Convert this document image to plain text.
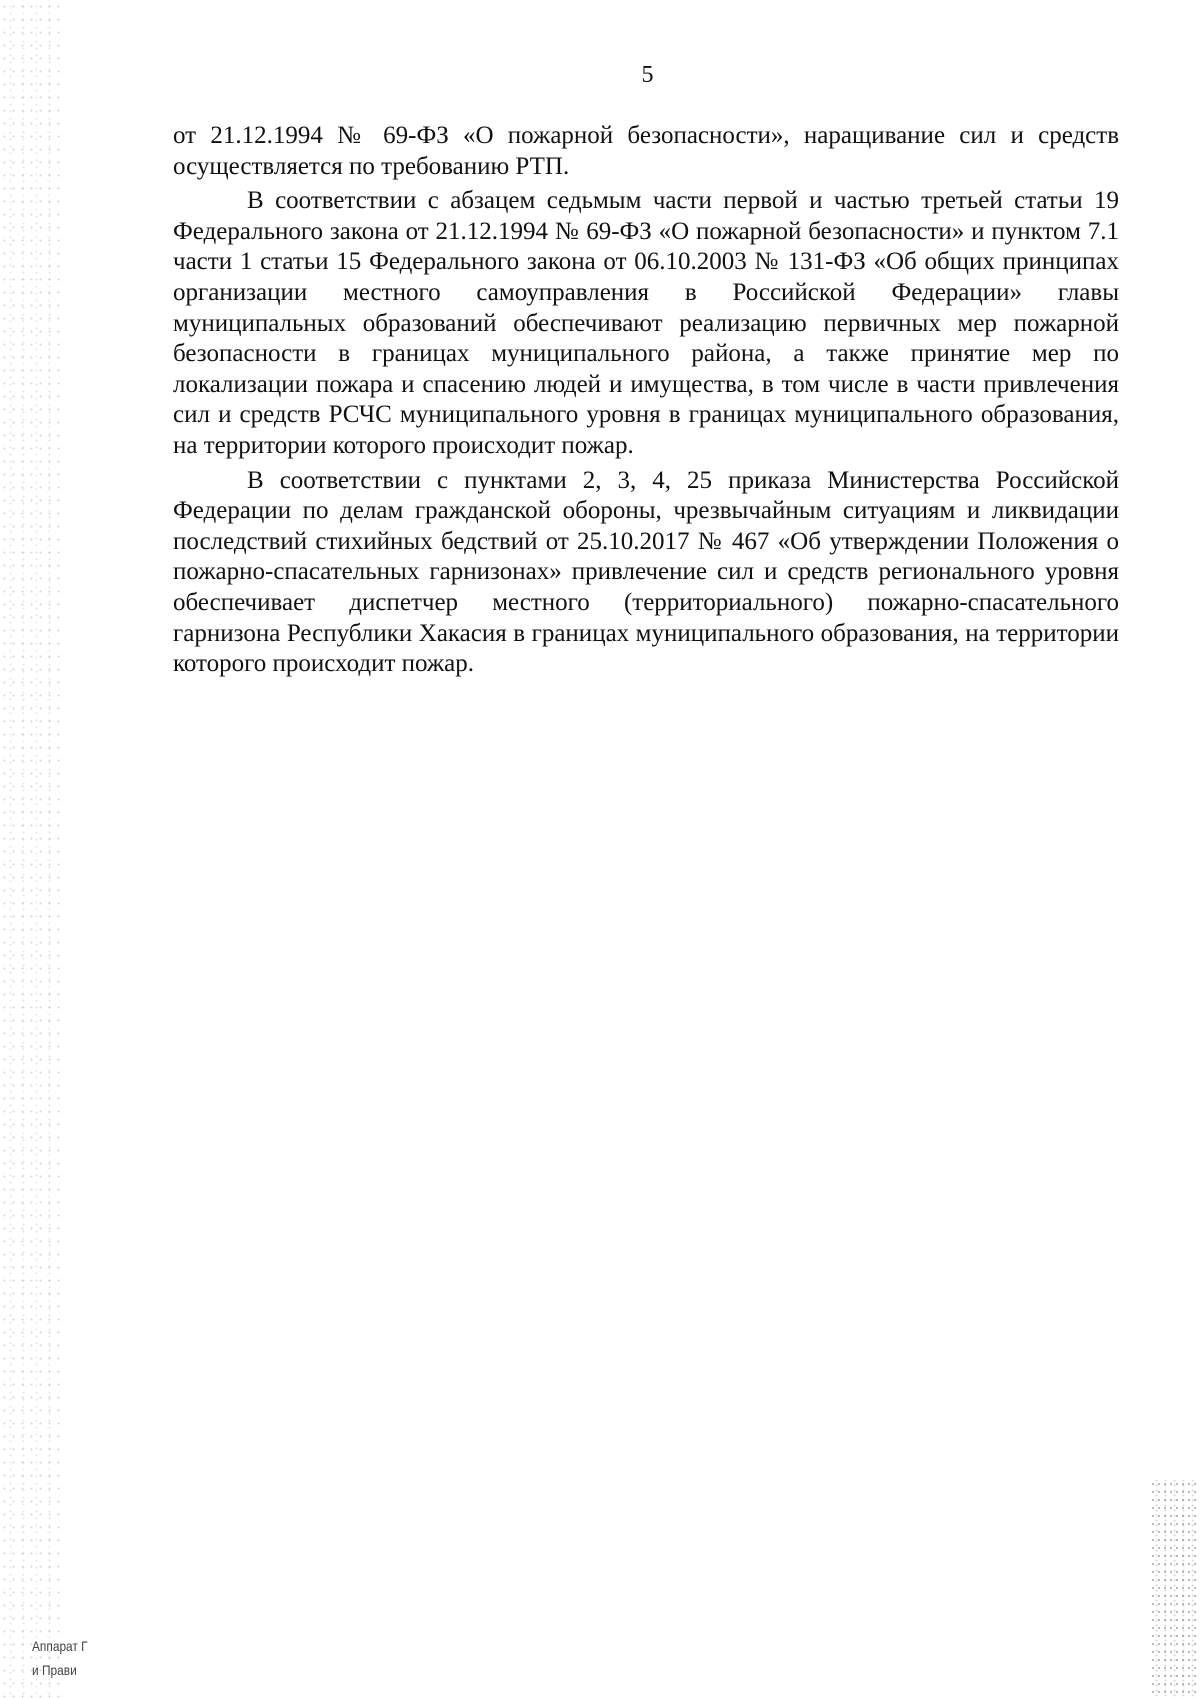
5

от 21.12.1994 № 69-ФЗ «О пожарной безопасности», наращивание сил и средств осуществляется по требованию РТП.

В соответствии с абзацем седьмым части первой и частью третьей статьи 19 Федерального закона от 21.12.1994 № 69-ФЗ «О пожарной безопасности» и пунктом 7.1 части 1 статьи 15 Федерального закона от 06.10.2003 № 131-ФЗ «Об общих принципах организации местного самоуправления в Российской Федерации» главы муниципальных образований обеспечивают реализацию первичных мер пожарной безопасности в границах муниципального района, а также принятие мер по локализации пожара и спасению людей и имущества, в том числе в части привлечения сил и средств РСЧС муниципального уровня в границах муниципального образования, на территории которого происходит пожар.

В соответствии с пунктами 2, 3, 4, 25 приказа Министерства Российской Федерации по делам гражданской обороны, чрезвычайным ситуациям и ликвидации последствий стихийных бедствий от 25.10.2017 № 467 «Об утверждении Положения о пожарно-спасательных гарнизонах» привлечение сил и средств регионального уровня обеспечивает диспетчер местного (территориального) пожарно-спасательного гарнизона Республики Хакасия в границах муниципального образования, на территории которого происходит пожар.

Аппарат Г
и Прави
